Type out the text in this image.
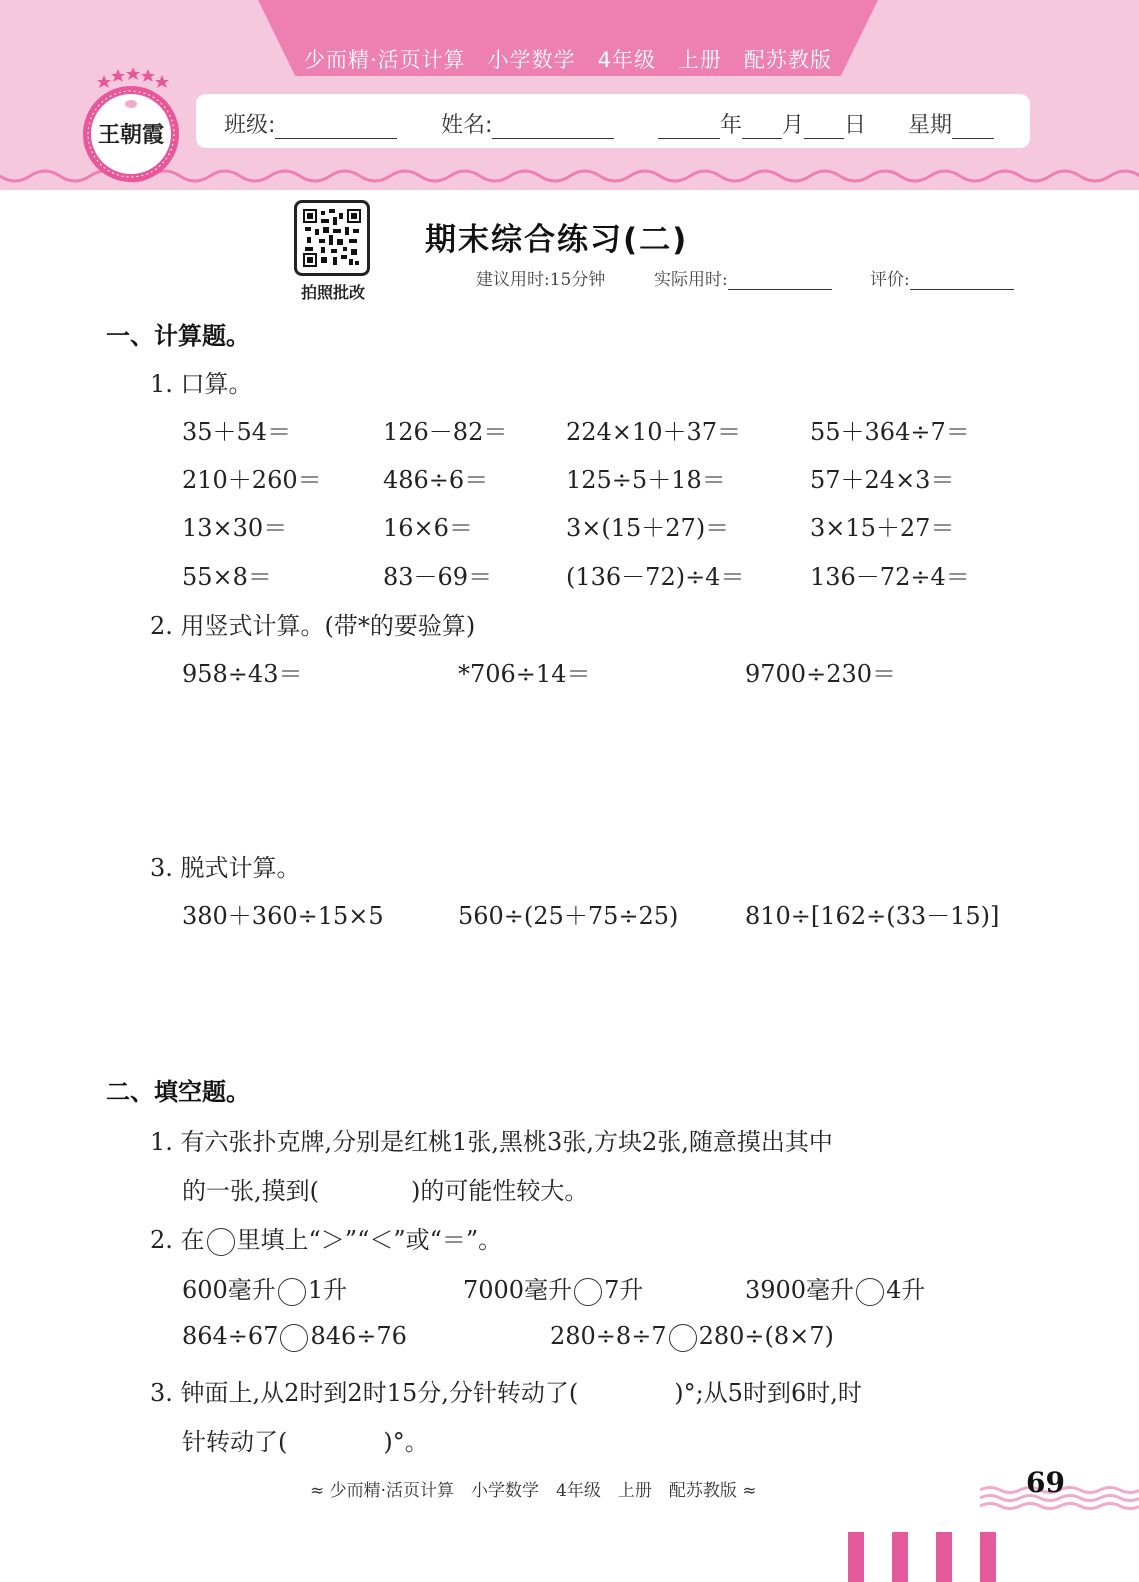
少而精·活页计算　小学数学　4年级　上册　配苏教版
班级:	姓名:	年 月 日 星期
王朝霞
拍照批改
期末综合练习(二)
建议用时:15分钟	实际用时:	评价:
一、计算题。
1. 口算。
35＋54＝	126－82＝ 224×10＋37＝	55＋364÷7＝
210＋260＝	486÷6＝	125÷5＋18＝	57＋24×3＝
13×30＝	16×6＝	3×(15＋27)＝	3×15＋27＝
55×8＝	83－69＝	(136－72)÷4＝	136－72÷4＝
2. 用竖式计算。(带*的要验算)
958÷43＝	*706÷14＝	9700÷230＝
3. 脱式计算。
380＋360÷15×5	560÷(25＋75÷25)	810÷[162÷(33－15)]
二、填空题。
1. 有六张扑克牌,分别是红桃1张,黑桃3张,方块2张,随意摸出其中
的一张,摸到(	)的可能性较大。
2. 在 里填上“＞”“＜”或“＝”。
600毫升 1升	7000毫升 7升	3900毫升 4升
864÷67 846÷76	280÷8÷7 280÷(8×7)
3. 钟面上,从2时到2时15分,分针转动了(	)°;从5时到6时,时
针转动了(	)°。
≈ 少而精·活页计算　小学数学　4年级　上册　配苏教版 ≈	69
